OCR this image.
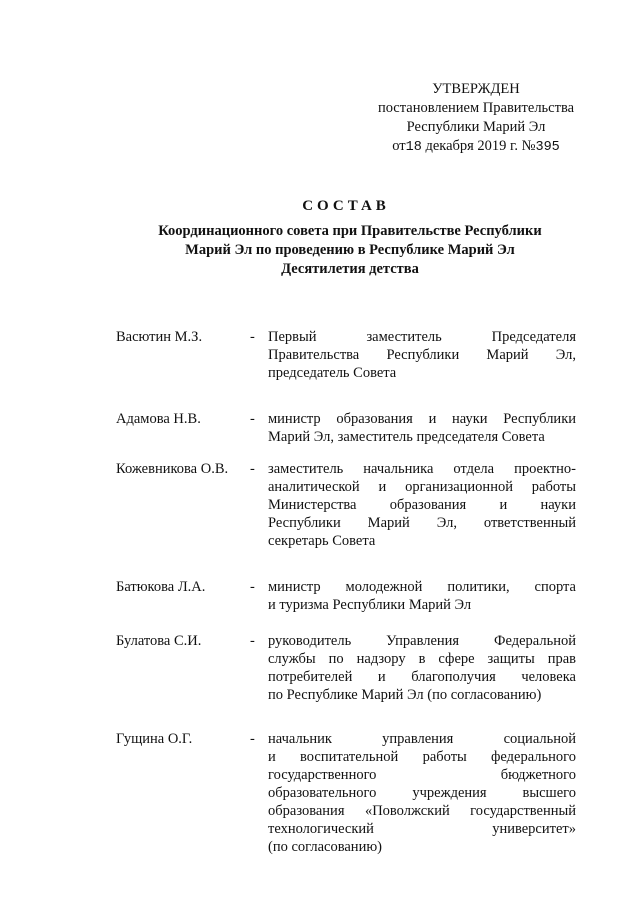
УТВЕРЖДЕН
постановлением Правительства
Республики Марий Эл
от18 декабря 2019 г. №395
СОСТАВ
Координационного совета при Правительстве Республики
Марий Эл по проведению в Республике Марий Эл
Десятилетия детства
Васютин М.З.	- Первый заместитель Председателя
Правительства Республики Марий Эл,
председатель Совета
Адамова Н.В.	- министр образования и науки Республики
Марий Эл, заместитель председателя Совета
Кожевникова О.В.	- заместитель начальника отдела проектно-
аналитической и организационной работы
Министерства образования и науки
Республики Марий Эл, ответственный
секретарь Совета
Батюкова Л.А.	- министр молодежной политики, спорта
и туризма Республики Марий Эл
Булатова С.И.	- руководитель Управления Федеральной
службы по надзору в сфере защиты прав
потребителей и благополучия человека
по Республике Марий Эл (по согласованию)
Гущина О.Г.	- начальник управления социальной
и воспитательной работы федерального
государственного бюджетного
образовательного учреждения высшего
образования «Поволжский государственный
технологический университет»
(по согласованию)
